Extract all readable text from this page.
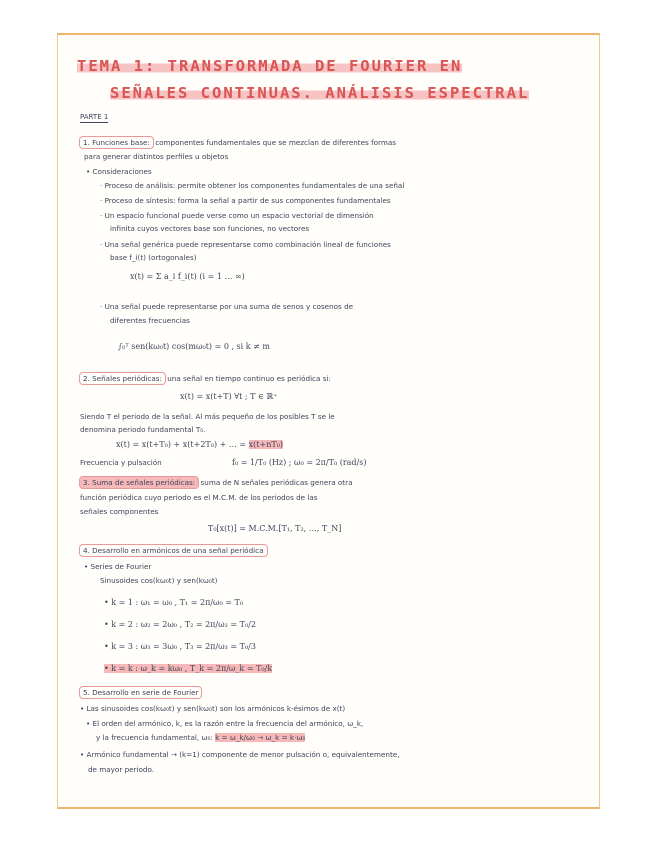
TEMA 1: TRANSFORMADA DE FOURIER EN
SEÑALES CONTINUAS. ANÁLISIS ESPECTRAL
PARTE 1
1. Funciones base: componentes fundamentales que se mezclan de diferentes formas
para generar distintos perfiles u objetos
• Consideraciones
· Proceso de análisis: permite obtener los componentes fundamentales de una señal
· Proceso de síntesis: forma la señal a partir de sus componentes fundamentales
· Un espacio funcional puede verse como un espacio vectorial de dimensión
infinita cuyos vectores base son funciones, no vectores
· Una señal genérica puede representarse como combinación lineal de funciones
base f_i(t) (ortogonales)
x(t) = Σ a_i f_i(t) (i = 1 … ∞)
· Una señal puede representarse por una suma de senos y cosenos de
diferentes frecuencias
∫₀ᵀ sen(kω₀t) cos(mω₀t) = 0 , si k ≠ m
2. Señales periódicas: una señal en tiempo continuo es periódica si:
x(t) = x(t+T) ∀t ; T ∈ ℝ⁺
Siendo T el periodo de la señal. Al más pequeño de los posibles T se le
denomina periodo fundamental T₀.
x(t) = x(t+T₀) + x(t+2T₀) + … = x(t+nT₀)
Frecuencia y pulsación	f₀ = 1/T₀ (Hz) ; ω₀ = 2π/T₀ (rad/s)
3. Suma de señales periódicas: suma de N señales periódicas genera otra
función periódica cuyo periodo es el M.C.M. de los periodos de las
señales componentes
T₀[x(t)] = M.C.M.[T₁, T₂, …, T_N]
4. Desarrollo en armónicos de una señal periódica
• Series de Fourier
Sinusoides cos(kω₀t) y sen(kω₀t)
• k = 1 : ω₁ = ω₀ , T₁ = 2π/ω₀ = T₀
• k = 2 : ω₂ = 2ω₀ , T₂ = 2π/ω₂ = T₀/2
• k = 3 : ω₃ = 3ω₀ , T₃ = 2π/ω₃ = T₀/3
• k = k : ω_k = kω₀ , T_k = 2π/ω_k = T₀/k
5. Desarrollo en serie de Fourier
• Las sinusoides cos(kω₀t) y sen(kω₀t) son los armónicos k-ésimos de x(t)
• El orden del armónico, k, es la razón entre la frecuencia del armónico, ω_k,
y la frecuencia fundamental, ω₀: k = ω_k/ω₀ → ω_k = k·ω₀
• Armónico fundamental → (k=1) componente de menor pulsación o, equivalentemente,
de mayor periodo.
